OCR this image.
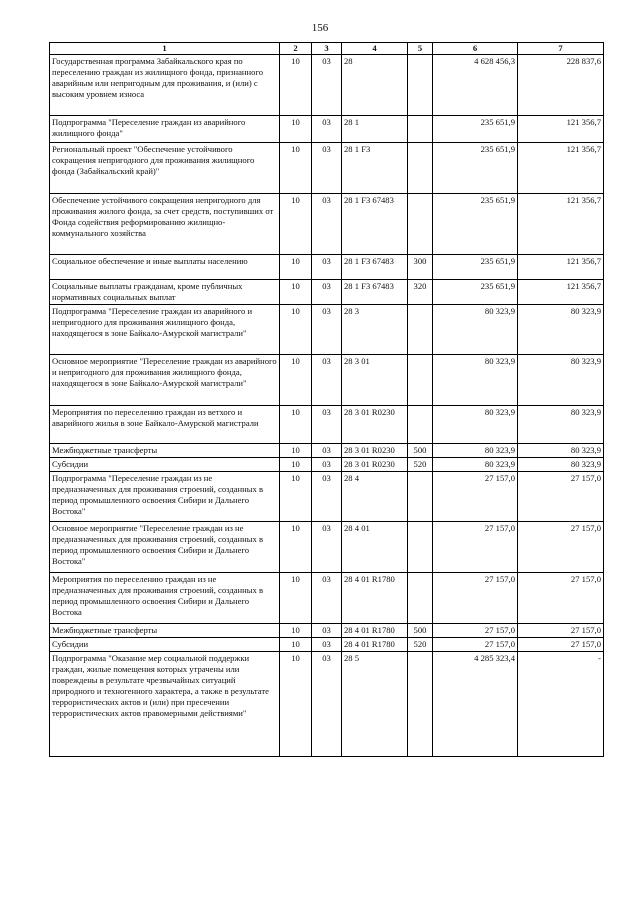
156
1	2	3	4	5	6	7
Государственная программа Забайкальского края по переселению граждан из жилищного фонда, признанного аварийным или непригодным для проживания, и (или) с высоким уровнем износа	10	03	28		4 628 456,3	228 837,6
Подпрограмма "Переселение граждан из аварийного жилищного фонда"	10	03	28 1		235 651,9	121 356,7
Региональный проект "Обеспечение устойчивого сокращения непригодного для проживания жилищного фонда (Забайкальский край)"	10	03	28 1 F3		235 651,9	121 356,7
Обеспечение устойчивого сокращения непригодного для проживания жилого фонда, за счет средств, поступивших от Фонда содействия реформированию жилищно-коммунального хозяйства	10	03	28 1 F3 67483		235 651,9	121 356,7
Социальное обеспечение и иные выплаты населению	10	03	28 1 F3 67483	300	235 651,9	121 356,7
Социальные выплаты гражданам, кроме публичных нормативных социальных выплат	10	03	28 1 F3 67483	320	235 651,9	121 356,7
Подпрограмма "Переселение граждан из аварийного и непригодного для проживания жилищного фонда, находящегося в зоне Байкало-Амурской магистрали"	10	03	28 3		80 323,9	80 323,9
Основное мероприятие "Переселение граждан из аварийного и непригодного для проживания жилищного фонда, находящегося в зоне Байкало-Амурской магистрали"	10	03	28 3 01		80 323,9	80 323,9
Мероприятия по переселению граждан из ветхого и аварийного жилья в зоне Байкало-Амурской магистрали	10	03	28 3 01 R0230		80 323,9	80 323,9
Межбюджетные трансферты	10	03	28 3 01 R0230	500	80 323,9	80 323,9
Субсидии	10	03	28 3 01 R0230	520	80 323,9	80 323,9
Подпрограмма "Переселение граждан из не предназначенных для проживания строений, созданных в период промышленного освоения Сибири и Дальнего Востока"	10	03	28 4		27 157,0	27 157,0
Основное мероприятие "Переселение граждан из не предназначенных для проживания строений, созданных в период промышленного освоения Сибири и Дальнего Востока"	10	03	28 4 01		27 157,0	27 157,0
Мероприятия по переселению граждан из не предназначенных для проживания строений, созданных в период промышленного освоения Сибири и Дальнего Востока	10	03	28 4 01 R1780		27 157,0	27 157,0
Межбюджетные трансферты	10	03	28 4 01 R1780	500	27 157,0	27 157,0
Субсидии	10	03	28 4 01 R1780	520	27 157,0	27 157,0
Подпрограмма "Оказание мер социальной поддержки граждан, жилые помещения которых утрачены или повреждены в результате чрезвычайных ситуаций природного и техногенного характера, а также в результате террористических актов и (или) при пресечении террористических актов правомерными действиями"	10	03	28 5		4 285 323,4	-
